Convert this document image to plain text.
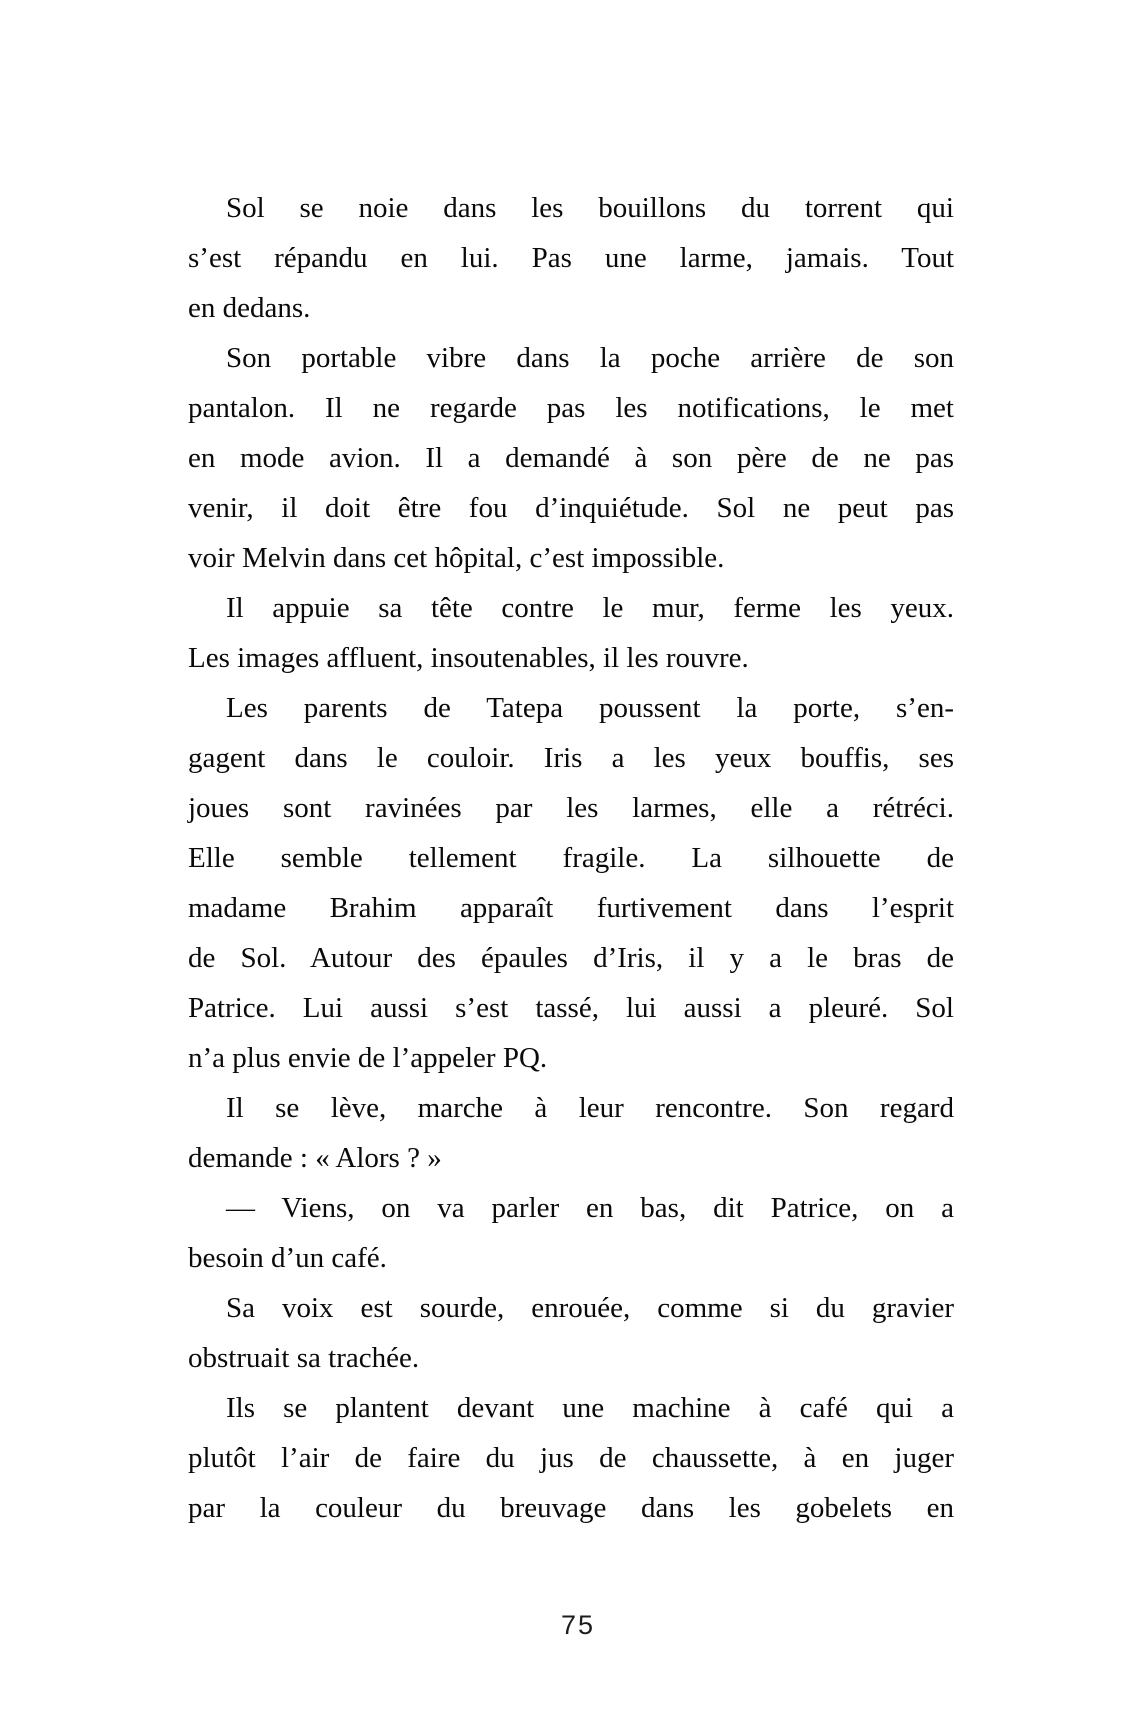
Sol se noie dans les bouillons du torrent qui
s’est répandu en lui. Pas une larme, jamais. Tout
en dedans.

Son portable vibre dans la poche arrière de son
pantalon. Il ne regarde pas les notifications, le met
en mode avion. Il a demandé à son père de ne pas
venir, il doit être fou d’inquiétude. Sol ne peut pas
voir Melvin dans cet hôpital, c’est impossible.

Il appuie sa tête contre le mur, ferme les yeux.
Les images affluent, insoutenables, il les rouvre.

Les parents de Tatepa poussent la porte, s’en-
gagent dans le couloir. Iris a les yeux bouffis, ses
joues sont ravinées par les larmes, elle a rétréci.
Elle semble tellement fragile. La silhouette de
madame Brahim apparaît furtivement dans l’esprit
de Sol. Autour des épaules d’Iris, il y a le bras de
Patrice. Lui aussi s’est tassé, lui aussi a pleuré. Sol
n’a plus envie de l’appeler PQ.

Il se lève, marche à leur rencontre. Son regard
demande : « Alors ? »

— Viens, on va parler en bas, dit Patrice, on a
besoin d’un café.

Sa voix est sourde, enrouée, comme si du gravier
obstruait sa trachée.

Ils se plantent devant une machine à café qui a
plutôt l’air de faire du jus de chaussette, à en juger
par la couleur du breuvage dans les gobelets en

75
